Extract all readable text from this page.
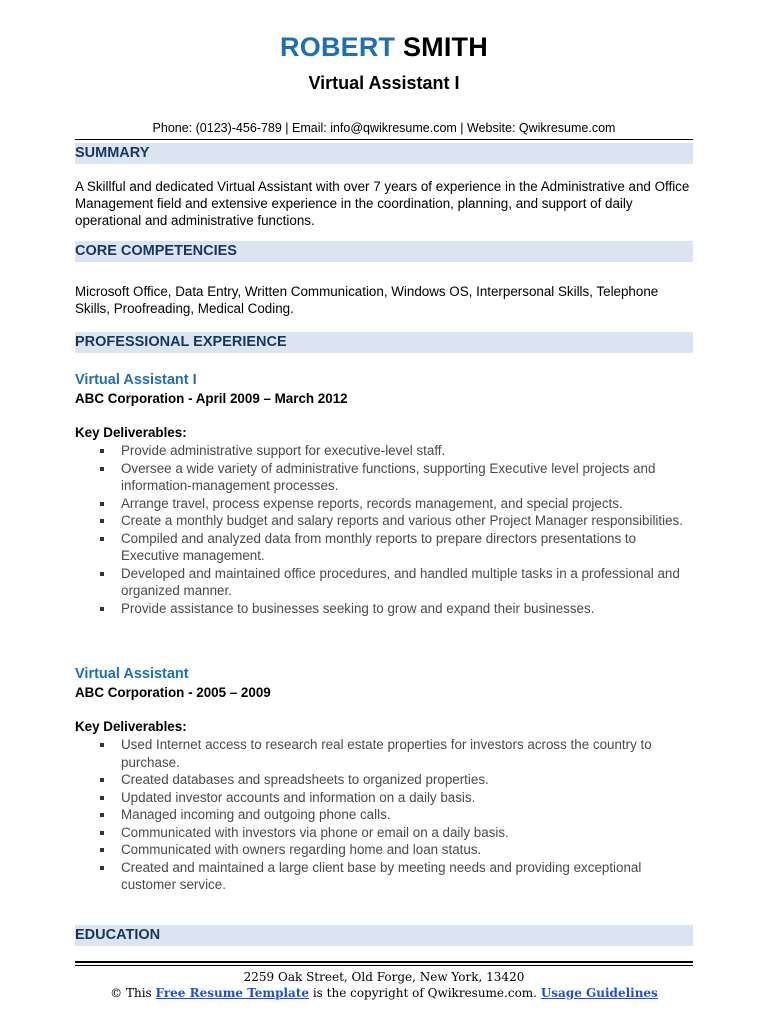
ROBERT SMITH
Virtual Assistant I
Phone: (0123)-456-789 | Email: info@qwikresume.com | Website: Qwikresume.com
SUMMARY
A Skillful and dedicated Virtual Assistant with over 7 years of experience in the Administrative and Office Management field and extensive experience in the coordination, planning, and support of daily operational and administrative functions.
CORE COMPETENCIES
Microsoft Office, Data Entry, Written Communication, Windows OS, Interpersonal Skills, Telephone Skills, Proofreading, Medical Coding.
PROFESSIONAL EXPERIENCE
Virtual Assistant I
ABC Corporation - April 2009 – March 2012
Key Deliverables:
Provide administrative support for executive-level staff.
Oversee a wide variety of administrative functions, supporting Executive level projects and information-management processes.
Arrange travel, process expense reports, records management, and special projects.
Create a monthly budget and salary reports and various other Project Manager responsibilities.
Compiled and analyzed data from monthly reports to prepare directors presentations to Executive management.
Developed and maintained office procedures, and handled multiple tasks in a professional and organized manner.
Provide assistance to businesses seeking to grow and expand their businesses.
Virtual Assistant
ABC Corporation - 2005 – 2009
Key Deliverables:
Used Internet access to research real estate properties for investors across the country to purchase.
Created databases and spreadsheets to organized properties.
Updated investor accounts and information on a daily basis.
Managed incoming and outgoing phone calls.
Communicated with investors via phone or email on a daily basis.
Communicated with owners regarding home and loan status.
Created and maintained a large client base by meeting needs and providing exceptional customer service.
EDUCATION
2259 Oak Street, Old Forge, New York, 13420
© This Free Resume Template is the copyright of Qwikresume.com. Usage Guidelines
